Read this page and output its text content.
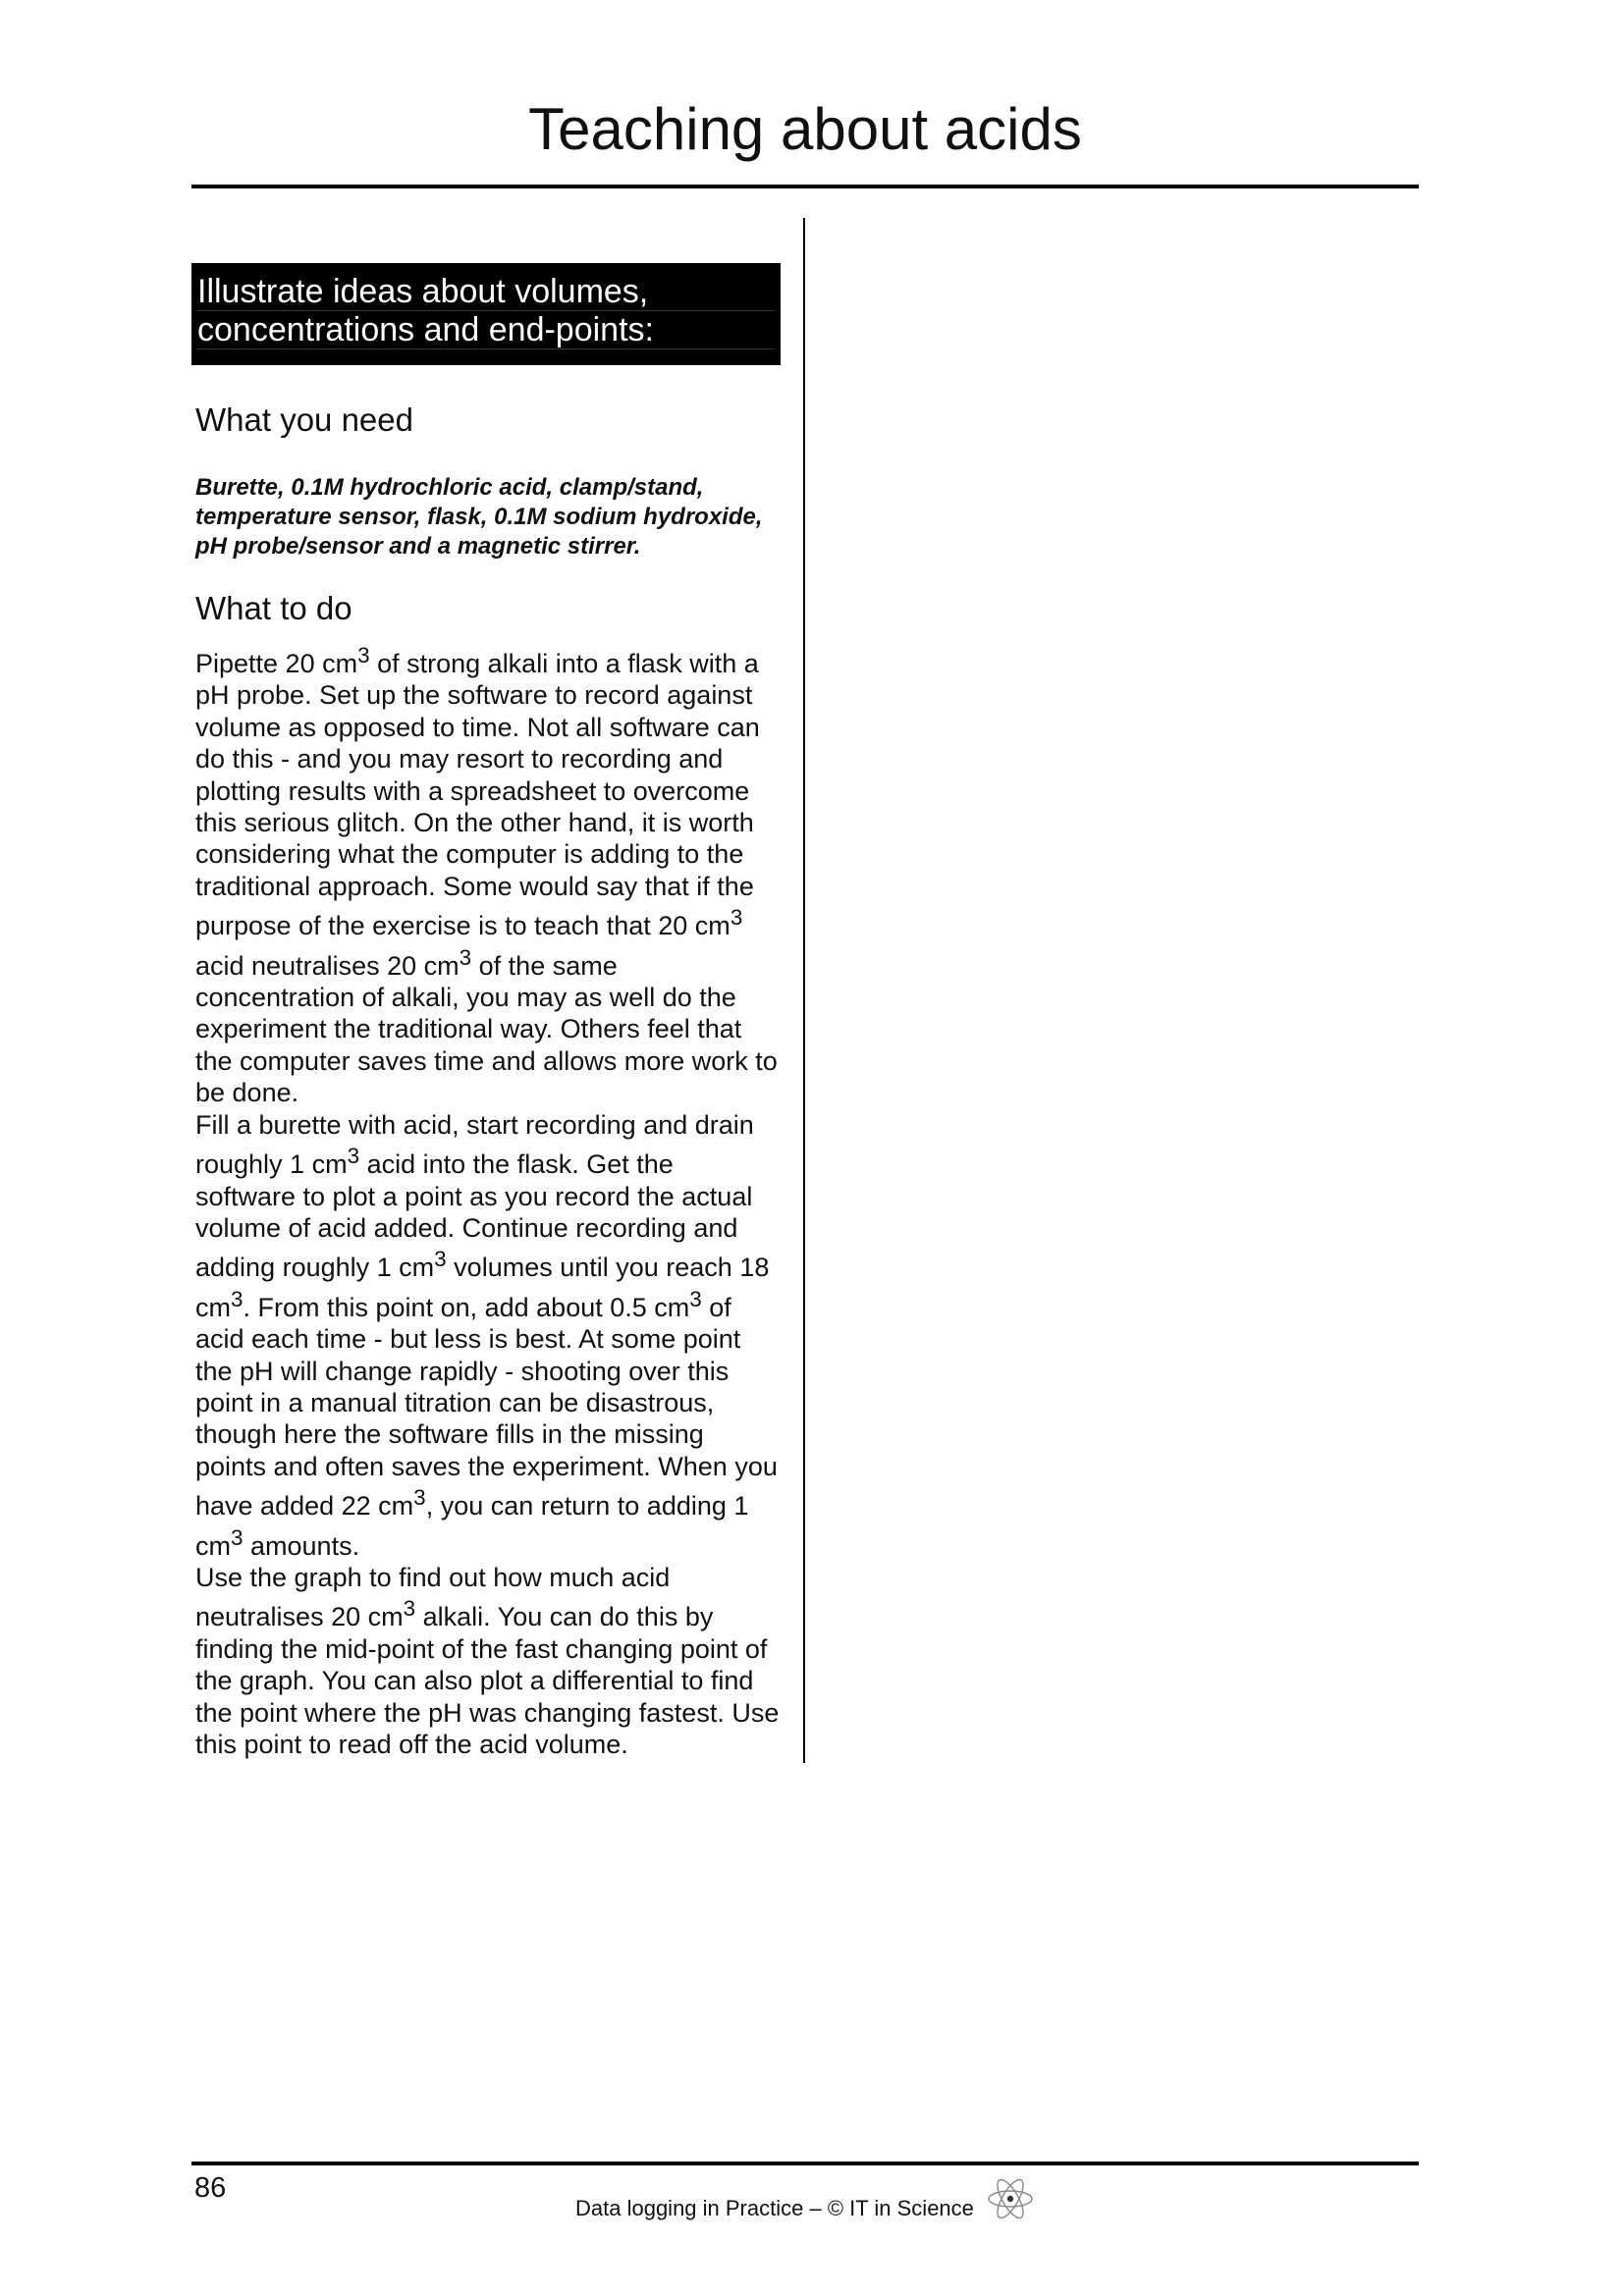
Teaching about acids
Illustrate ideas about volumes,
concentrations and end-points:
What you need

Burette, 0.1M hydrochloric acid, clamp/stand, temperature sensor, flask, 0.1M sodium hydroxide, pH probe/sensor and a magnetic stirrer.

What to do

Pipette 20 $cm^3$ of strong alkali into a flask with a pH probe. Set up the software to record against volume as opposed to time. Not all software can do this - and you may resort to recording and plotting results with a spreadsheet to overcome this serious glitch. On the other hand, it is worth considering what the computer is adding to the traditional approach. Some would say that if the purpose of the exercise is to teach that 20 $cm^3$ acid neutralises 20 $cm^3$ of the same concentration of alkali, you may as well do the experiment the traditional way. Others feel that the computer saves time and allows more work to be done.

Fill a burette with acid, start recording and drain roughly 1 $cm^3$ acid into the flask. Get the software to plot a point as you record the actual volume of acid added. Continue recording and adding roughly 1 $cm^3$ volumes until you reach 18 $cm^3$. From this point on, add about 0.5 $cm^3$ of acid each time - but less is best. At some point the pH will change rapidly - shooting over this point in a manual titration can be disastrous, though here the software fills in the missing points and often saves the experiment. When you have added 22 $cm^3$, you can return to adding 1 $cm^3$ amounts.

Use the graph to find out how much acid neutralises 20 $cm^3$ alkali. You can do this by finding the mid-point of the fast changing point of the graph. You can also plot a differential to find the point where the pH was changing fastest. Use this point to read off the acid volume.

86
Data logging in Practice – © IT in Science
